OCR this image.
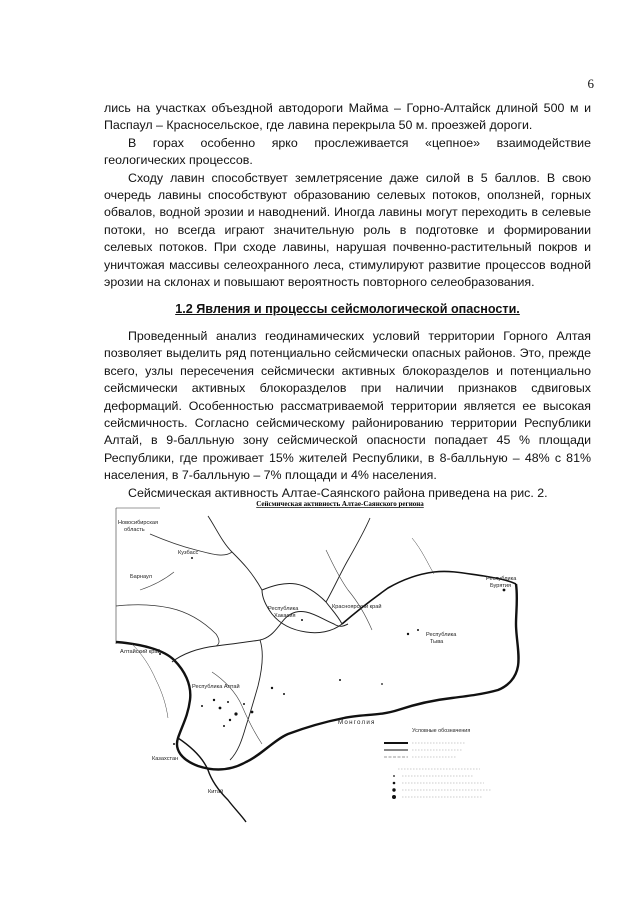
6

лись на участках объездной автодороги Майма – Горно-Алтайск длиной 500 м и Паспаул – Красносельское, где лавина перекрыла 50 м. проезжей дороги.

В горах особенно ярко прослеживается «цепное» взаимодействие геологических процессов.

Сходу лавин способствует землетрясение даже силой в 5 баллов. В свою очередь лавины способствуют образованию селевых потоков, оползней, горных обвалов, водной эрозии и наводнений. Иногда лавины могут переходить в селевые потоки, но всегда играют значительную роль в подготовке и формировании селевых потоков. При сходе лавины, нарушая почвенно-растительный покров и уничтожая массивы селеохранного леса, стимулируют развитие процессов водной эрозии на склонах и повышают вероятность повторного селеобразования.

1.2 Явления и процессы сейсмологической опасности.

Проведенный анализ геодинамических условий территории Горного Алтая позволяет выделить ряд потенциально сейсмически опасных районов. Это, прежде всего, узлы пересечения сейсмически активных блокоразделов и потенциально сейсмически активных блокоразделов при наличии признаков сдвиговых деформаций. Особенностью рассматриваемой территории является ее высокая сейсмичность. Согласно сейсмическому районированию территории Республики Алтай, в 9-балльную зону сейсмической опасности попадает 45 % площади Республики, где проживает 15% жителей Республики, в 8-балльную – 48% с 81% населения, в 7-балльную – 7% площади и 4% населения.

Сейсмическая активность Алтае-Саянского района приведена на рис. 2.

Сейсмическая активность Алтае-Саянского региона
Новосибирская
область
Кузбасс
Барнаул
Республика
Хакасия
Красноярский край
Республика
Бурятия
Республика
Тыва
Алтайский край
Республика Алтай
Монголия
Казахстан
Китай
Условные обозначения
